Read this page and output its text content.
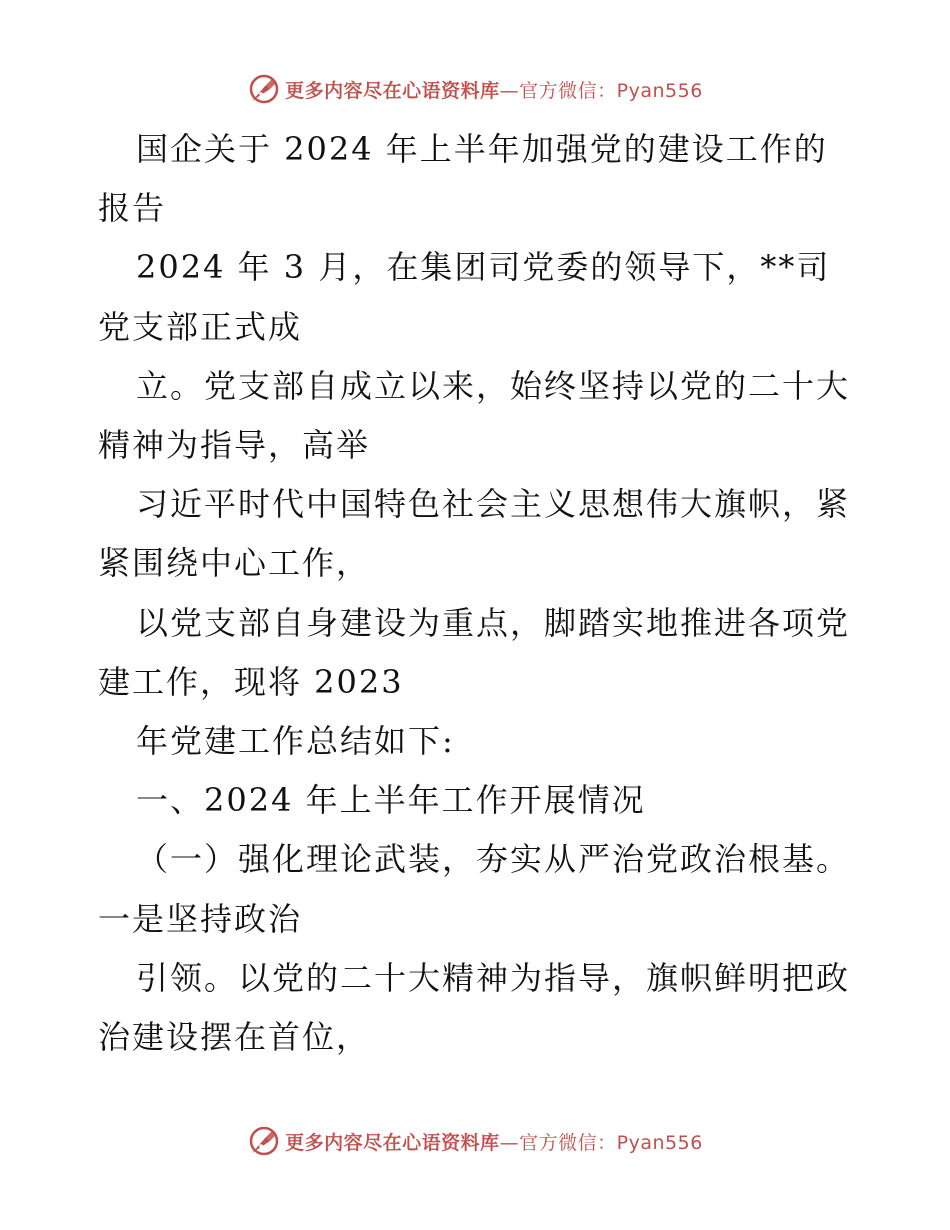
更多内容尽在心语资料库—官方微信：Pyan556

国企关于 2024 年上半年加强党的建设工作的报告

2024 年 3 月，在集团司党委的领导下，**司党支部正式成

立。党支部自成立以来，始终坚持以党的二十大精神为指导，高举

习近平时代中国特色社会主义思想伟大旗帜，紧紧围绕中心工作，

以党支部自身建设为重点，脚踏实地推进各项党建工作，现将 2023

年党建工作总结如下:

一、2024 年上半年工作开展情况

（一）强化理论武装，夯实从严治党政治根基。一是坚持政治

引领。以党的二十大精神为指导，旗帜鲜明把政治建设摆在首位，

更多内容尽在心语资料库—官方微信：Pyan556
